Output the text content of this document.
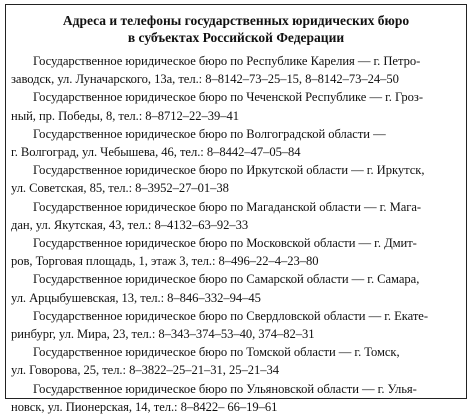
Адреса и телефоны государственных юридических бюро
в субъектах Российской Федерации
Государственное юридическое бюро по Республике Карелия — г. Петро-
заводск, ул. Луначарского, 13а, тел.: 8–8142–73–25–15, 8–8142–73–24–50
Государственное юридическое бюро по Чеченской Республике — г. Гроз-
ный, пр. Победы, 8, тел.: 8–8712–22–39–41
Государственное юридическое бюро по Волгоградской области —
г. Волгоград, ул. Чебышева, 46, тел.: 8–8442–47–05–84
Государственное юридическое бюро по Иркутской области — г. Иркутск,
ул. Советская, 85, тел.: 8–3952–27–01–38
Государственное юридическое бюро по Магаданской области — г. Мага-
дан, ул. Якутская, 43, тел.: 8–4132–63–92–33
Государственное юридическое бюро по Московской области — г. Дмит-
ров, Торговая площадь, 1, этаж 3, тел.: 8–496–22–4–23–80
Государственное юридическое бюро по Самарской области — г. Самара,
ул. Арцыбушевская, 13, тел.: 8–846–332–94–45
Государственное юридическое бюро по Свердловской области — г. Екате-
ринбург, ул. Мира, 23, тел.: 8–343–374–53–40, 374–82–31
Государственное юридическое бюро по Томской области — г. Томск,
ул. Говорова, 25, тел.: 8–3822–25–21–31, 25–21–34
Государственное юридическое бюро по Ульяновской области — г. Улья-
новск, ул. Пионерская, 14, тел.: 8–8422– 66–19–61
